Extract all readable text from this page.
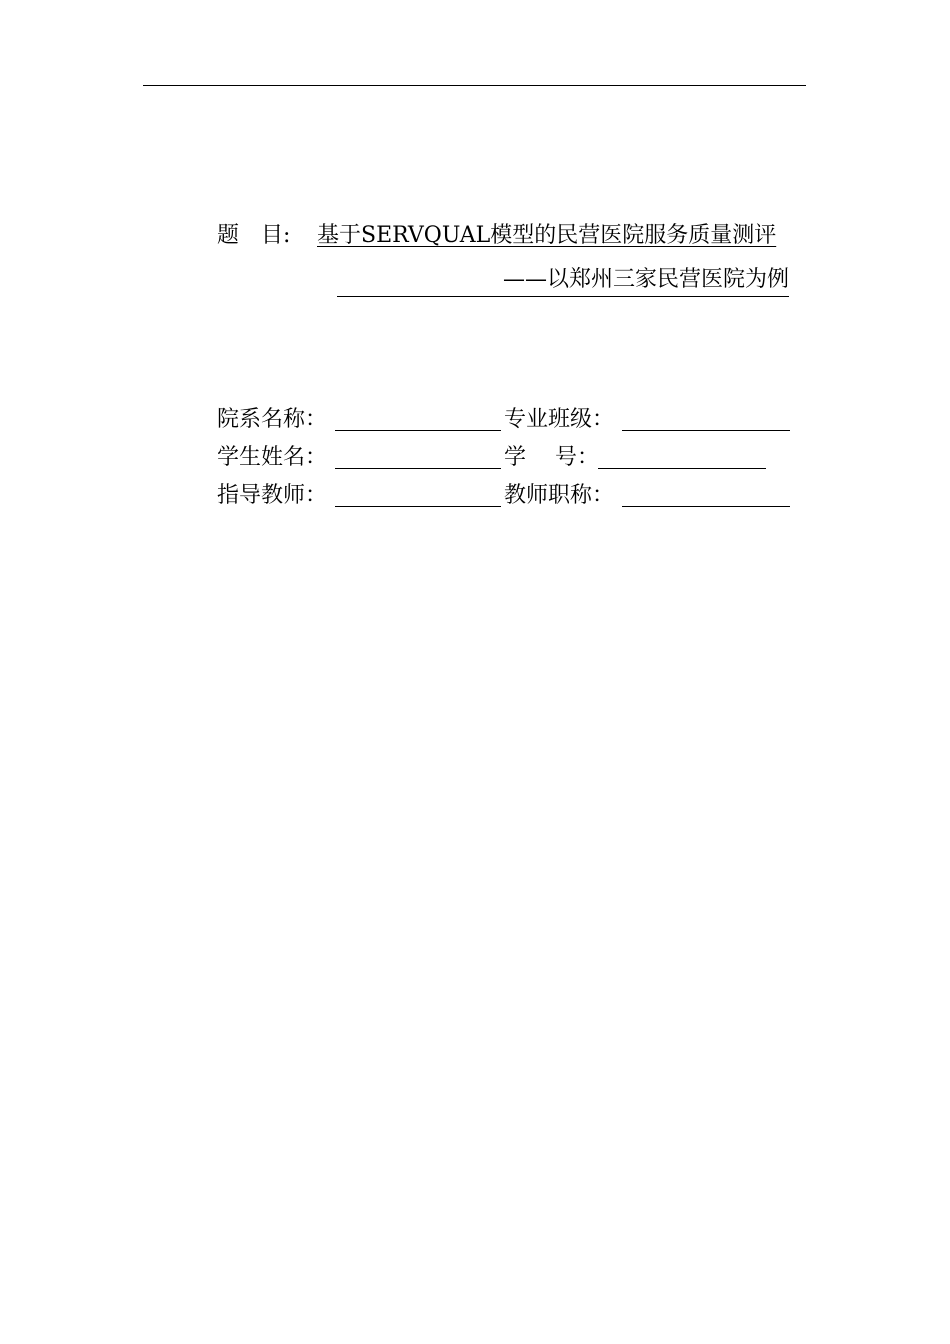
题　目: 基于SERVQUAL模型的民营医院服务质量测评
——以郑州三家民营医院为例
院系名称：	专业班级：
学生姓名：	学　 号：
指导教师：	教师职称：
